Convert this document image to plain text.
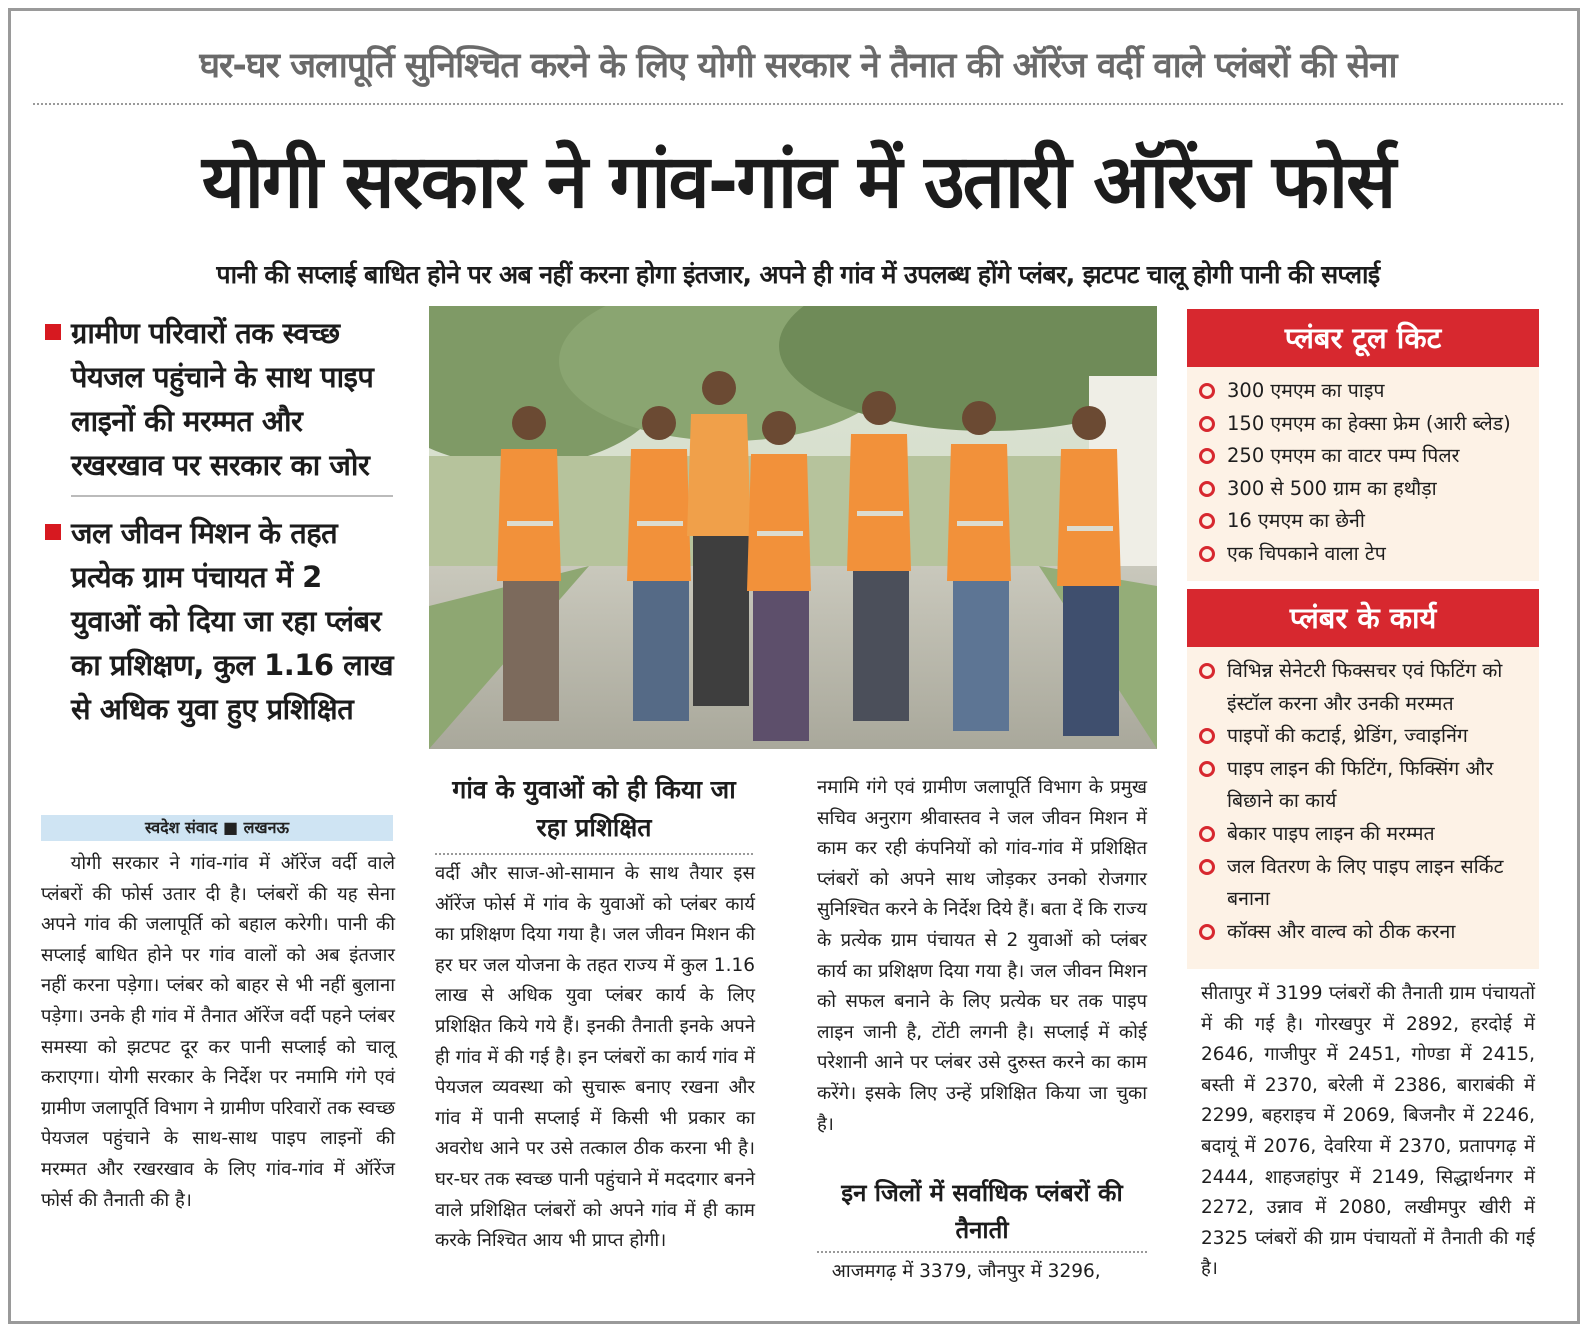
घर-घर जलापूर्ति सुनिश्चित करने के लिए योगी सरकार ने तैनात की ऑरेंज वर्दी वाले प्लंबरों की सेना
योगी सरकार ने गांव-गांव में उतारी ऑरेंज फोर्स
पानी की सप्लाई बाधित होने पर अब नहीं करना होगा इंतजार, अपने ही गांव में उपलब्ध होंगे प्लंबर, झटपट चालू होगी पानी की सप्लाई
ग्रामीण परिवारों तक स्वच्छ पेयजल पहुंचाने के साथ पाइप लाइनों की मरम्मत और रखरखाव पर सरकार का जोर
जल जीवन मिशन के तहत प्रत्येक ग्राम पंचायत में 2 युवाओं को दिया जा रहा प्लंबर का प्रशिक्षण, कुल 1.16 लाख से अधिक युवा हुए प्रशिक्षित
स्वदेश संवाद ■ लखनऊ

योगी सरकार ने गांव-गांव में ऑरेंज वर्दी वाले प्लंबरों की फोर्स उतार दी है। प्लंबरों की यह सेना अपने गांव की जलापूर्ति को बहाल करेगी। पानी की सप्लाई बाधित होने पर गांव वालों को अब इंतजार नहीं करना पड़ेगा। प्लंबर को बाहर से भी नहीं बुलाना पड़ेगा। उनके ही गांव में तैनात ऑरेंज वर्दी पहने प्लंबर समस्या को झटपट दूर कर पानी सप्लाई को चालू कराएगा। योगी सरकार के निर्देश पर नमामि गंगे एवं ग्रामीण जलापूर्ति विभाग ने ग्रामीण परिवारों तक स्वच्छ पेयजल पहुंचाने के साथ-साथ पाइप लाइनों की मरम्मत और रखरखाव के लिए गांव-गांव में ऑरेंज फोर्स की तैनाती की है।

गांव के युवाओं को ही किया जा रहा प्रशिक्षित

वर्दी और साज-ओ-सामान के साथ तैयार इस ऑरेंज फोर्स में गांव के युवाओं को प्लंबर कार्य का प्रशिक्षण दिया गया है। जल जीवन मिशन की हर घर जल योजना के तहत राज्य में कुल 1.16 लाख से अधिक युवा प्लंबर कार्य के लिए प्रशिक्षित किये गये हैं। इनकी तैनाती इनके अपने ही गांव में की गई है। इन प्लंबरों का कार्य गांव में पेयजल व्यवस्था को सुचारू बनाए रखना और गांव में पानी सप्लाई में किसी भी प्रकार का अवरोध आने पर उसे तत्काल ठीक करना भी है। घर-घर तक स्वच्छ पानी पहुंचाने में मददगार बनने वाले प्रशिक्षित प्लंबरों को अपने गांव में ही काम करके निश्चित आय भी प्राप्त होगी।

नमामि गंगे एवं ग्रामीण जलापूर्ति विभाग के प्रमुख सचिव अनुराग श्रीवास्तव ने जल जीवन मिशन में काम कर रही कंपनियों को गांव-गांव में प्रशिक्षित प्लंबरों को अपने साथ जोड़कर उनको रोजगार सुनिश्चित करने के निर्देश दिये हैं। बता दें कि राज्य के प्रत्येक ग्राम पंचायत से 2 युवाओं को प्लंबर कार्य का प्रशिक्षण दिया गया है। जल जीवन मिशन को सफल बनाने के लिए प्रत्येक घर तक पाइप लाइन जानी है, टोंटी लगनी है। सप्लाई में कोई परेशानी आने पर प्लंबर उसे दुरुस्त करने का काम करेंगे। इसके लिए उन्हें प्रशिक्षित किया जा चुका है।

इन जिलों में सर्वाधिक प्लंबरों की तैनाती

आजमगढ़ में 3379, जौनपुर में 3296,

प्लंबर टूल किट
300 एमएम का पाइप
150 एमएम का हेक्सा फ्रेम (आरी ब्लेड)
250 एमएम का वाटर पम्प पिलर
300 से 500 ग्राम का हथौड़ा
16 एमएम का छेनी
एक चिपकाने वाला टेप
प्लंबर के कार्य
विभिन्न सेनेटरी फिक्सचर एवं फिटिंग को इंस्टॉल करना और उनकी मरम्मत
पाइपों की कटाई, थ्रेडिंग, ज्वाइनिंग
पाइप लाइन की फिटिंग, फिक्सिंग और बिछाने का कार्य
बेकार पाइप लाइन की मरम्मत
जल वितरण के लिए पाइप लाइन सर्किट बनाना
कॉक्स और वाल्व को ठीक करना

सीतापुर में 3199 प्लंबरों की तैनाती ग्राम पंचायतों में की गई है। गोरखपुर में 2892, हरदोई में 2646, गाजीपुर में 2451, गोण्डा में 2415, बस्ती में 2370, बरेली में 2386, बाराबंकी में 2299, बहराइच में 2069, बिजनौर में 2246, बदायूं में 2076, देवरिया में 2370, प्रतापगढ़ में 2444, शाहजहांपुर में 2149, सिद्धार्थनगर में 2272, उन्नाव में 2080, लखीमपुर खीरी में 2325 प्लंबरों की ग्राम पंचायतों में तैनाती की गई है।
